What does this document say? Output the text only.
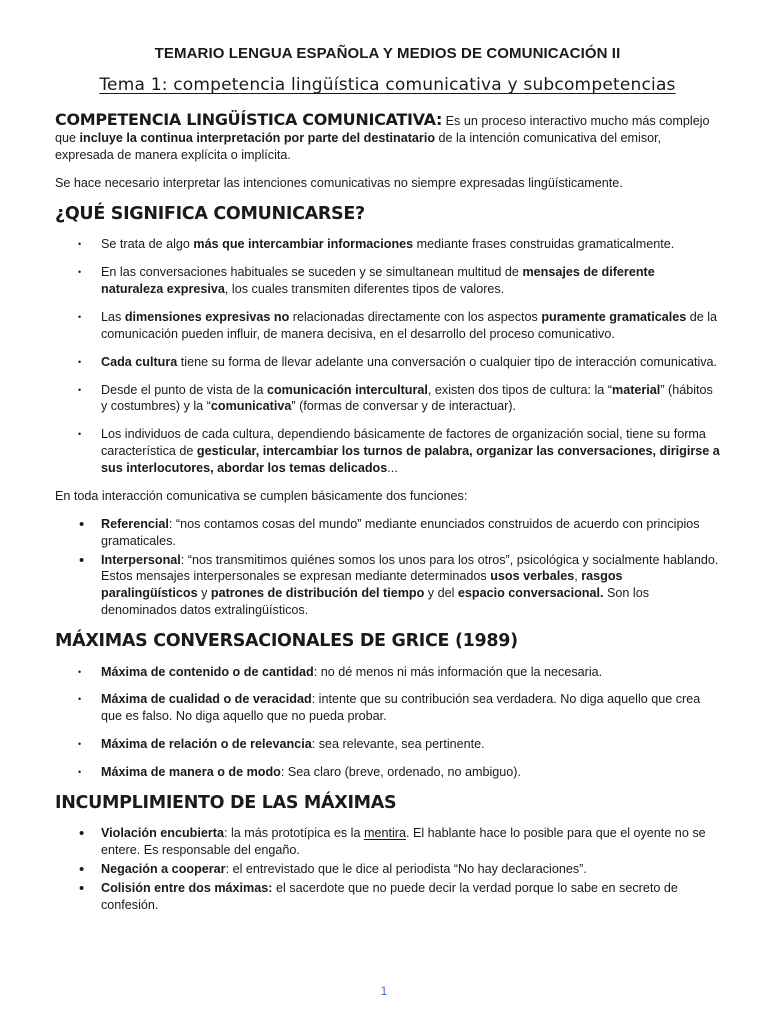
TEMARIO LENGUA ESPAÑOLA Y MEDIOS DE COMUNICACIÓN II
Tema 1: competencia lingüística comunicativa y subcompetencias

COMPETENCIA LINGÜÍSTICA COMUNICATIVA: Es un proceso interactivo mucho más complejo que incluye la continua interpretación por parte del destinatario de la intención comunicativa del emisor, expresada de manera explícita o implícita.

Se hace necesario interpretar las intenciones comunicativas no siempre expresadas lingüísticamente.

¿QUÉ SIGNIFICA COMUNICARSE?
• Se trata de algo más que intercambiar informaciones mediante frases construidas gramaticalmente.
• En las conversaciones habituales se suceden y se simultanean multitud de mensajes de diferente naturaleza expresiva, los cuales transmiten diferentes tipos de valores.
• Las dimensiones expresivas no relacionadas directamente con los aspectos puramente gramaticales de la comunicación pueden influir, de manera decisiva, en el desarrollo del proceso comunicativo.
• Cada cultura tiene su forma de llevar adelante una conversación o cualquier tipo de interacción comunicativa.
• Desde el punto de vista de la comunicación intercultural, existen dos tipos de cultura: la “material” (hábitos y costumbres) y la “comunicativa” (formas de conversar y de interactuar).
• Los individuos de cada cultura, dependiendo básicamente de factores de organización social, tiene su forma característica de gesticular, intercambiar los turnos de palabra, organizar las conversaciones, dirigirse a sus interlocutores, abordar los temas delicados...

En toda interacción comunicativa se cumplen básicamente dos funciones:

• Referencial: “nos contamos cosas del mundo” mediante enunciados construidos de acuerdo con principios gramaticales.
• Interpersonal: “nos transmitimos quiénes somos los unos para los otros”, psicológica y socialmente hablando. Estos mensajes interpersonales se expresan mediante determinados usos verbales, rasgos paralingüísticos y patrones de distribución del tiempo y del espacio conversacional. Son los denominados datos extralingüísticos.
MÁXIMAS CONVERSACIONALES DE GRICE (1989)
• Máxima de contenido o de cantidad: no dé menos ni más información que la necesaria.
• Máxima de cualidad o de veracidad: intente que su contribución sea verdadera. No diga aquello que crea que es falso. No diga aquello que no pueda probar.
• Máxima de relación o de relevancia: sea relevante, sea pertinente.
• Máxima de manera o de modo: Sea claro (breve, ordenado, no ambiguo).
INCUMPLIMIENTO DE LAS MÁXIMAS
• Violación encubierta: la más prototípica es la mentira. El hablante hace lo posible para que el oyente no se entere. Es responsable del engaño.
• Negación a cooperar: el entrevistado que le dice al periodista “No hay declaraciones”.
• Colisión entre dos máximas: el sacerdote que no puede decir la verdad porque lo sabe en secreto de confesión.
1
